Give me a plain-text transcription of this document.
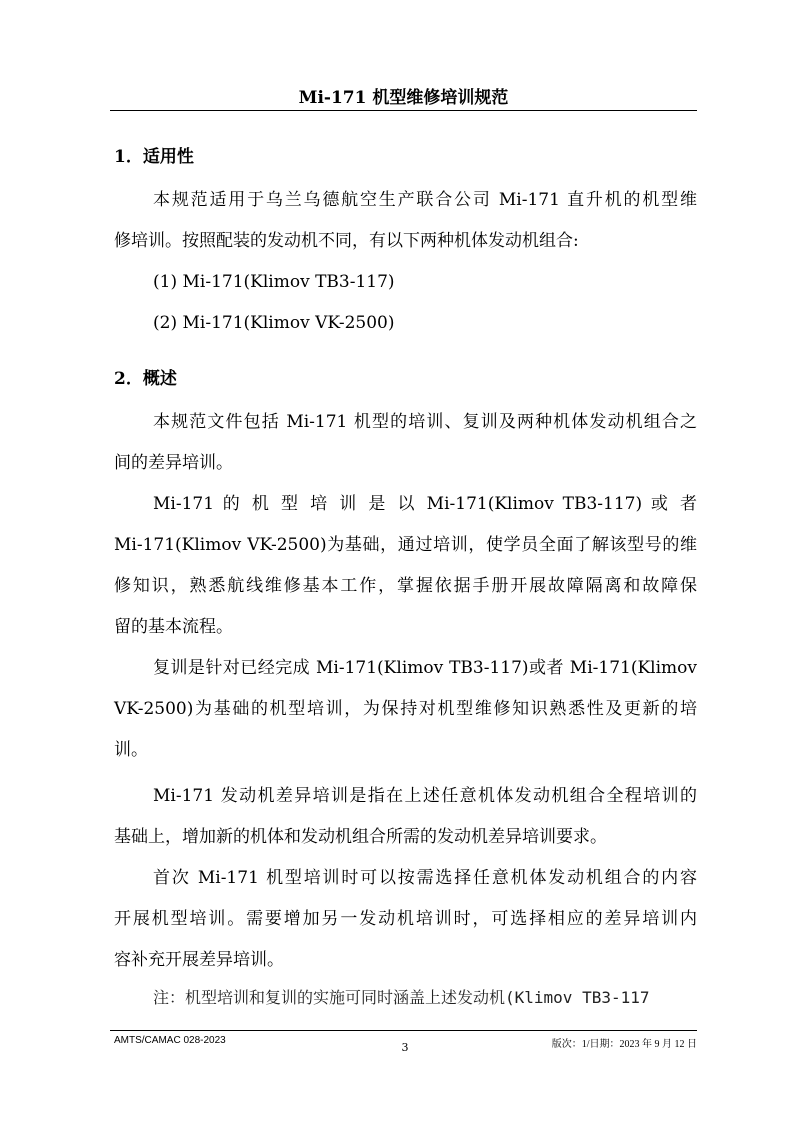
Mi-171 机型维修培训规范
1．适用性
本规范适用于乌兰乌德航空生产联合公司 Mi-171 直升机的机型维
修培训。按照配装的发动机不同，有以下两种机体发动机组合:
(1) Mi-171(Klimov TB3-117)
(2) Mi-171(Klimov VK-2500)
2．概述
本规范文件包括 Mi-171 机型的培训、复训及两种机体发动机组合之
间的差异培训。
Mi-171 的 机 型 培 训 是 以 Mi-171(Klimov TB3-117) 或 者
Mi-171(Klimov VK-2500)为基础，通过培训，使学员全面了解该型号的维
修知识，熟悉航线维修基本工作，掌握依据手册开展故障隔离和故障保
留的基本流程。
复训是针对已经完成 Mi-171(Klimov TB3-117)或者 Mi-171(Klimov
VK-2500)为基础的机型培训，为保持对机型维修知识熟悉性及更新的培
训。
Mi-171 发动机差异培训是指在上述任意机体发动机组合全程培训的
基础上，增加新的机体和发动机组合所需的发动机差异培训要求。
首次 Mi-171 机型培训时可以按需选择任意机体发动机组合的内容
开展机型培训。需要增加另一发动机培训时，可选择相应的差异培训内
容补充开展差异培训。
注：机型培训和复训的实施可同时涵盖上述发动机(Klimov TB3-117
AMTS/CAMAC 028-2023
3	版次：1/日期：2023 年 9 月 12 日
